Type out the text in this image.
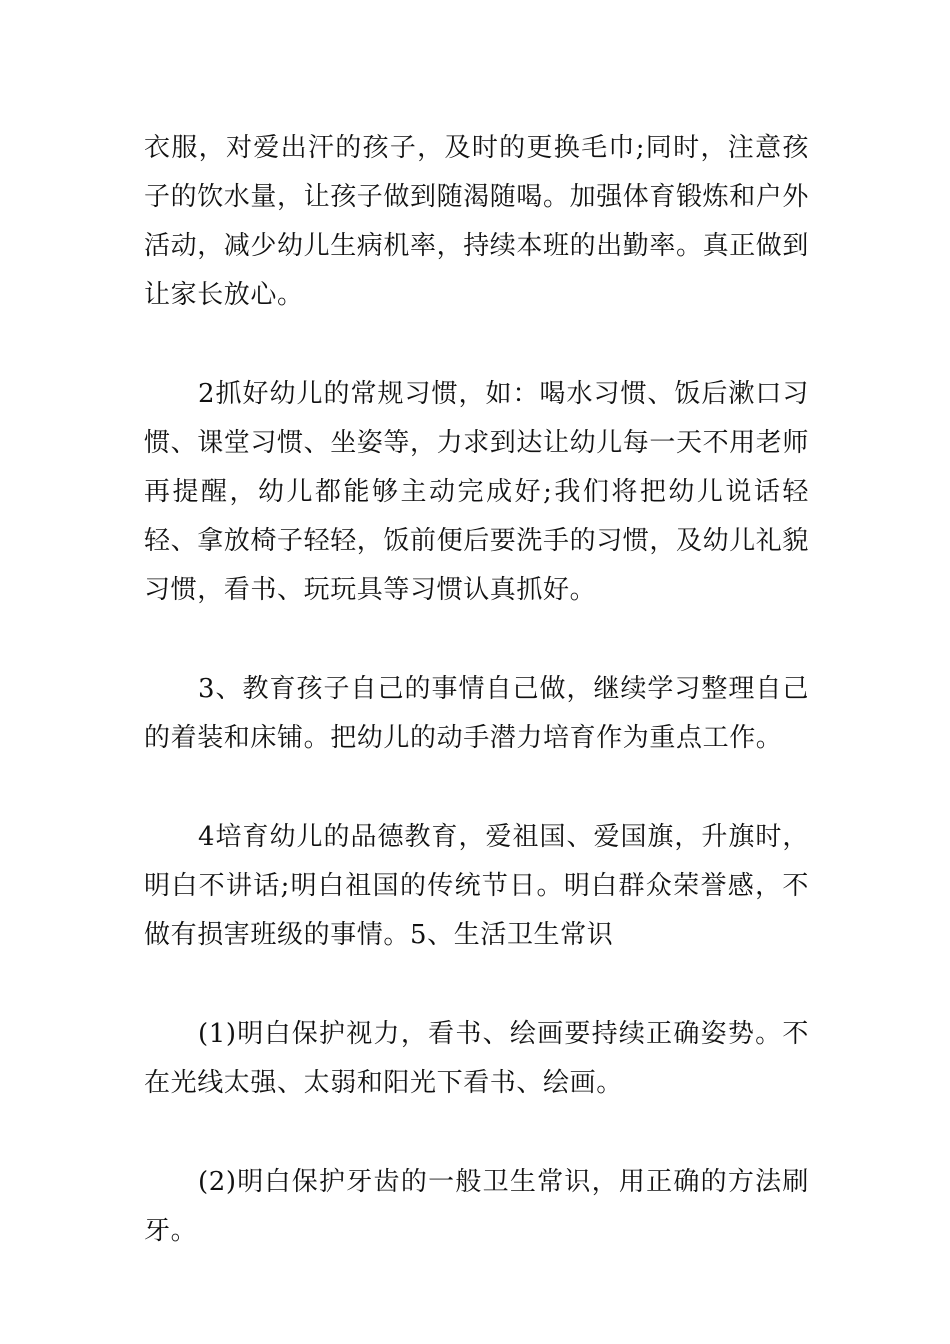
衣服，对爱出汗的孩子，及时的更换毛巾;同时，注意孩子的饮水量，让孩子做到随渴随喝。加强体育锻炼和户外活动，减少幼儿生病机率，持续本班的出勤率。真正做到让家长放心。

2抓好幼儿的常规习惯，如：喝水习惯、饭后漱口习惯、课堂习惯、坐姿等，力求到达让幼儿每一天不用老师再提醒，幼儿都能够主动完成好;我们将把幼儿说话轻轻、拿放椅子轻轻，饭前便后要洗手的习惯，及幼儿礼貌习惯，看书、玩玩具等习惯认真抓好。

3、教育孩子自己的事情自己做，继续学习整理自己的着装和床铺。把幼儿的动手潜力培育作为重点工作。

4培育幼儿的品德教育，爱祖国、爱国旗，升旗时，明白不讲话;明白祖国的传统节日。明白群众荣誉感，不做有损害班级的事情。5、生活卫生常识

(1)明白保护视力，看书、绘画要持续正确姿势。不在光线太强、太弱和阳光下看书、绘画。

(2)明白保护牙齿的一般卫生常识，用正确的方法刷牙。
